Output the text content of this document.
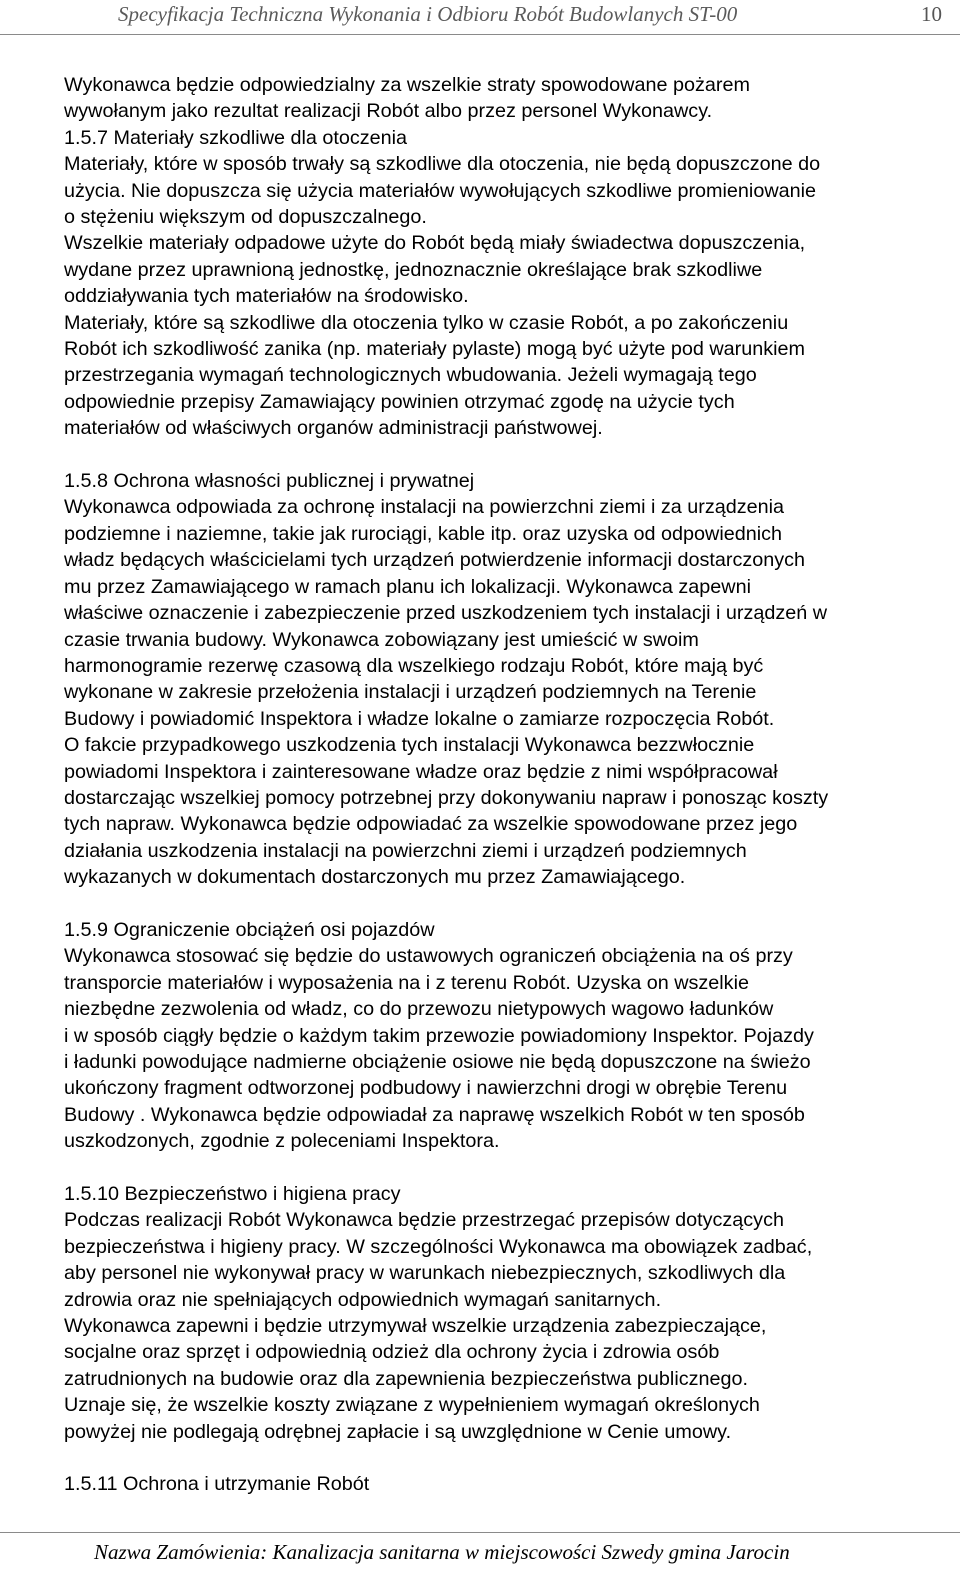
Specyfikacja Techniczna Wykonania i Odbioru Robót Budowlanych ST-00	10
Wykonawca będzie odpowiedzialny za wszelkie straty spowodowane pożarem
wywołanym jako rezultat realizacji Robót albo przez personel Wykonawcy.
1.5.7 Materiały szkodliwe dla otoczenia
Materiały, które w sposób trwały są szkodliwe dla otoczenia, nie będą dopuszczone do
użycia. Nie dopuszcza się użycia materiałów wywołujących szkodliwe promieniowanie
o stężeniu większym od dopuszczalnego.
Wszelkie materiały odpadowe użyte do Robót będą miały świadectwa dopuszczenia,
wydane przez uprawnioną jednostkę, jednoznacznie określające brak szkodliwe
oddziaływania tych materiałów na środowisko.
Materiały, które są szkodliwe dla otoczenia tylko w czasie Robót, a po zakończeniu
Robót ich szkodliwość zanika (np. materiały pylaste) mogą być użyte pod warunkiem
przestrzegania wymagań technologicznych wbudowania. Jeżeli wymagają tego
odpowiednie przepisy Zamawiający powinien otrzymać zgodę na użycie tych
materiałów od właściwych organów administracji państwowej.
1.5.8 Ochrona własności publicznej i prywatnej
Wykonawca odpowiada za ochronę instalacji na powierzchni ziemi i za urządzenia
podziemne i naziemne, takie jak rurociągi, kable itp. oraz uzyska od odpowiednich
władz będących właścicielami tych urządzeń potwierdzenie informacji dostarczonych
mu przez Zamawiającego w ramach planu ich lokalizacji. Wykonawca zapewni
właściwe oznaczenie i zabezpieczenie przed uszkodzeniem tych instalacji i urządzeń w
czasie trwania budowy. Wykonawca zobowiązany jest umieścić w swoim
harmonogramie rezerwę czasową dla wszelkiego rodzaju Robót, które mają być
wykonane w zakresie przełożenia instalacji i urządzeń podziemnych na Terenie
Budowy i powiadomić Inspektora i władze lokalne o zamiarze rozpoczęcia Robót.
O fakcie przypadkowego uszkodzenia tych instalacji Wykonawca bezzwłocznie
powiadomi Inspektora i zainteresowane władze oraz będzie z nimi współpracował
dostarczając wszelkiej pomocy potrzebnej przy dokonywaniu napraw i ponosząc koszty
tych napraw. Wykonawca będzie odpowiadać za wszelkie spowodowane przez jego
działania uszkodzenia instalacji na powierzchni ziemi i urządzeń podziemnych
wykazanych w dokumentach dostarczonych mu przez Zamawiającego.
1.5.9 Ograniczenie obciążeń osi pojazdów
Wykonawca stosować się będzie do ustawowych ograniczeń obciążenia na oś przy
transporcie materiałów i wyposażenia na i z terenu Robót. Uzyska on wszelkie
niezbędne zezwolenia od władz, co do przewozu nietypowych wagowo ładunków
i w sposób ciągły będzie o każdym takim przewozie powiadomiony Inspektor. Pojazdy
i ładunki powodujące nadmierne obciążenie osiowe nie będą dopuszczone na świeżo
ukończony fragment odtworzonej podbudowy i nawierzchni drogi w obrębie Terenu
Budowy . Wykonawca będzie odpowiadał za naprawę wszelkich Robót w ten sposób
uszkodzonych, zgodnie z poleceniami Inspektora.
1.5.10 Bezpieczeństwo i higiena pracy
Podczas realizacji Robót Wykonawca będzie przestrzegać przepisów dotyczących
bezpieczeństwa i higieny pracy. W szczególności Wykonawca ma obowiązek zadbać,
aby personel nie wykonywał pracy w warunkach niebezpiecznych, szkodliwych dla
zdrowia oraz nie spełniających odpowiednich wymagań sanitarnych.
Wykonawca zapewni i będzie utrzymywał wszelkie urządzenia zabezpieczające,
socjalne oraz sprzęt i odpowiednią odzież dla ochrony życia i zdrowia osób
zatrudnionych na budowie oraz dla zapewnienia bezpieczeństwa publicznego.
Uznaje się, że wszelkie koszty związane z wypełnieniem wymagań określonych
powyżej nie podlegają odrębnej zapłacie i są uwzględnione w Cenie umowy.
1.5.11 Ochrona i utrzymanie Robót
Nazwa Zamówienia: Kanalizacja sanitarna w miejscowości Szwedy gmina Jarocin
